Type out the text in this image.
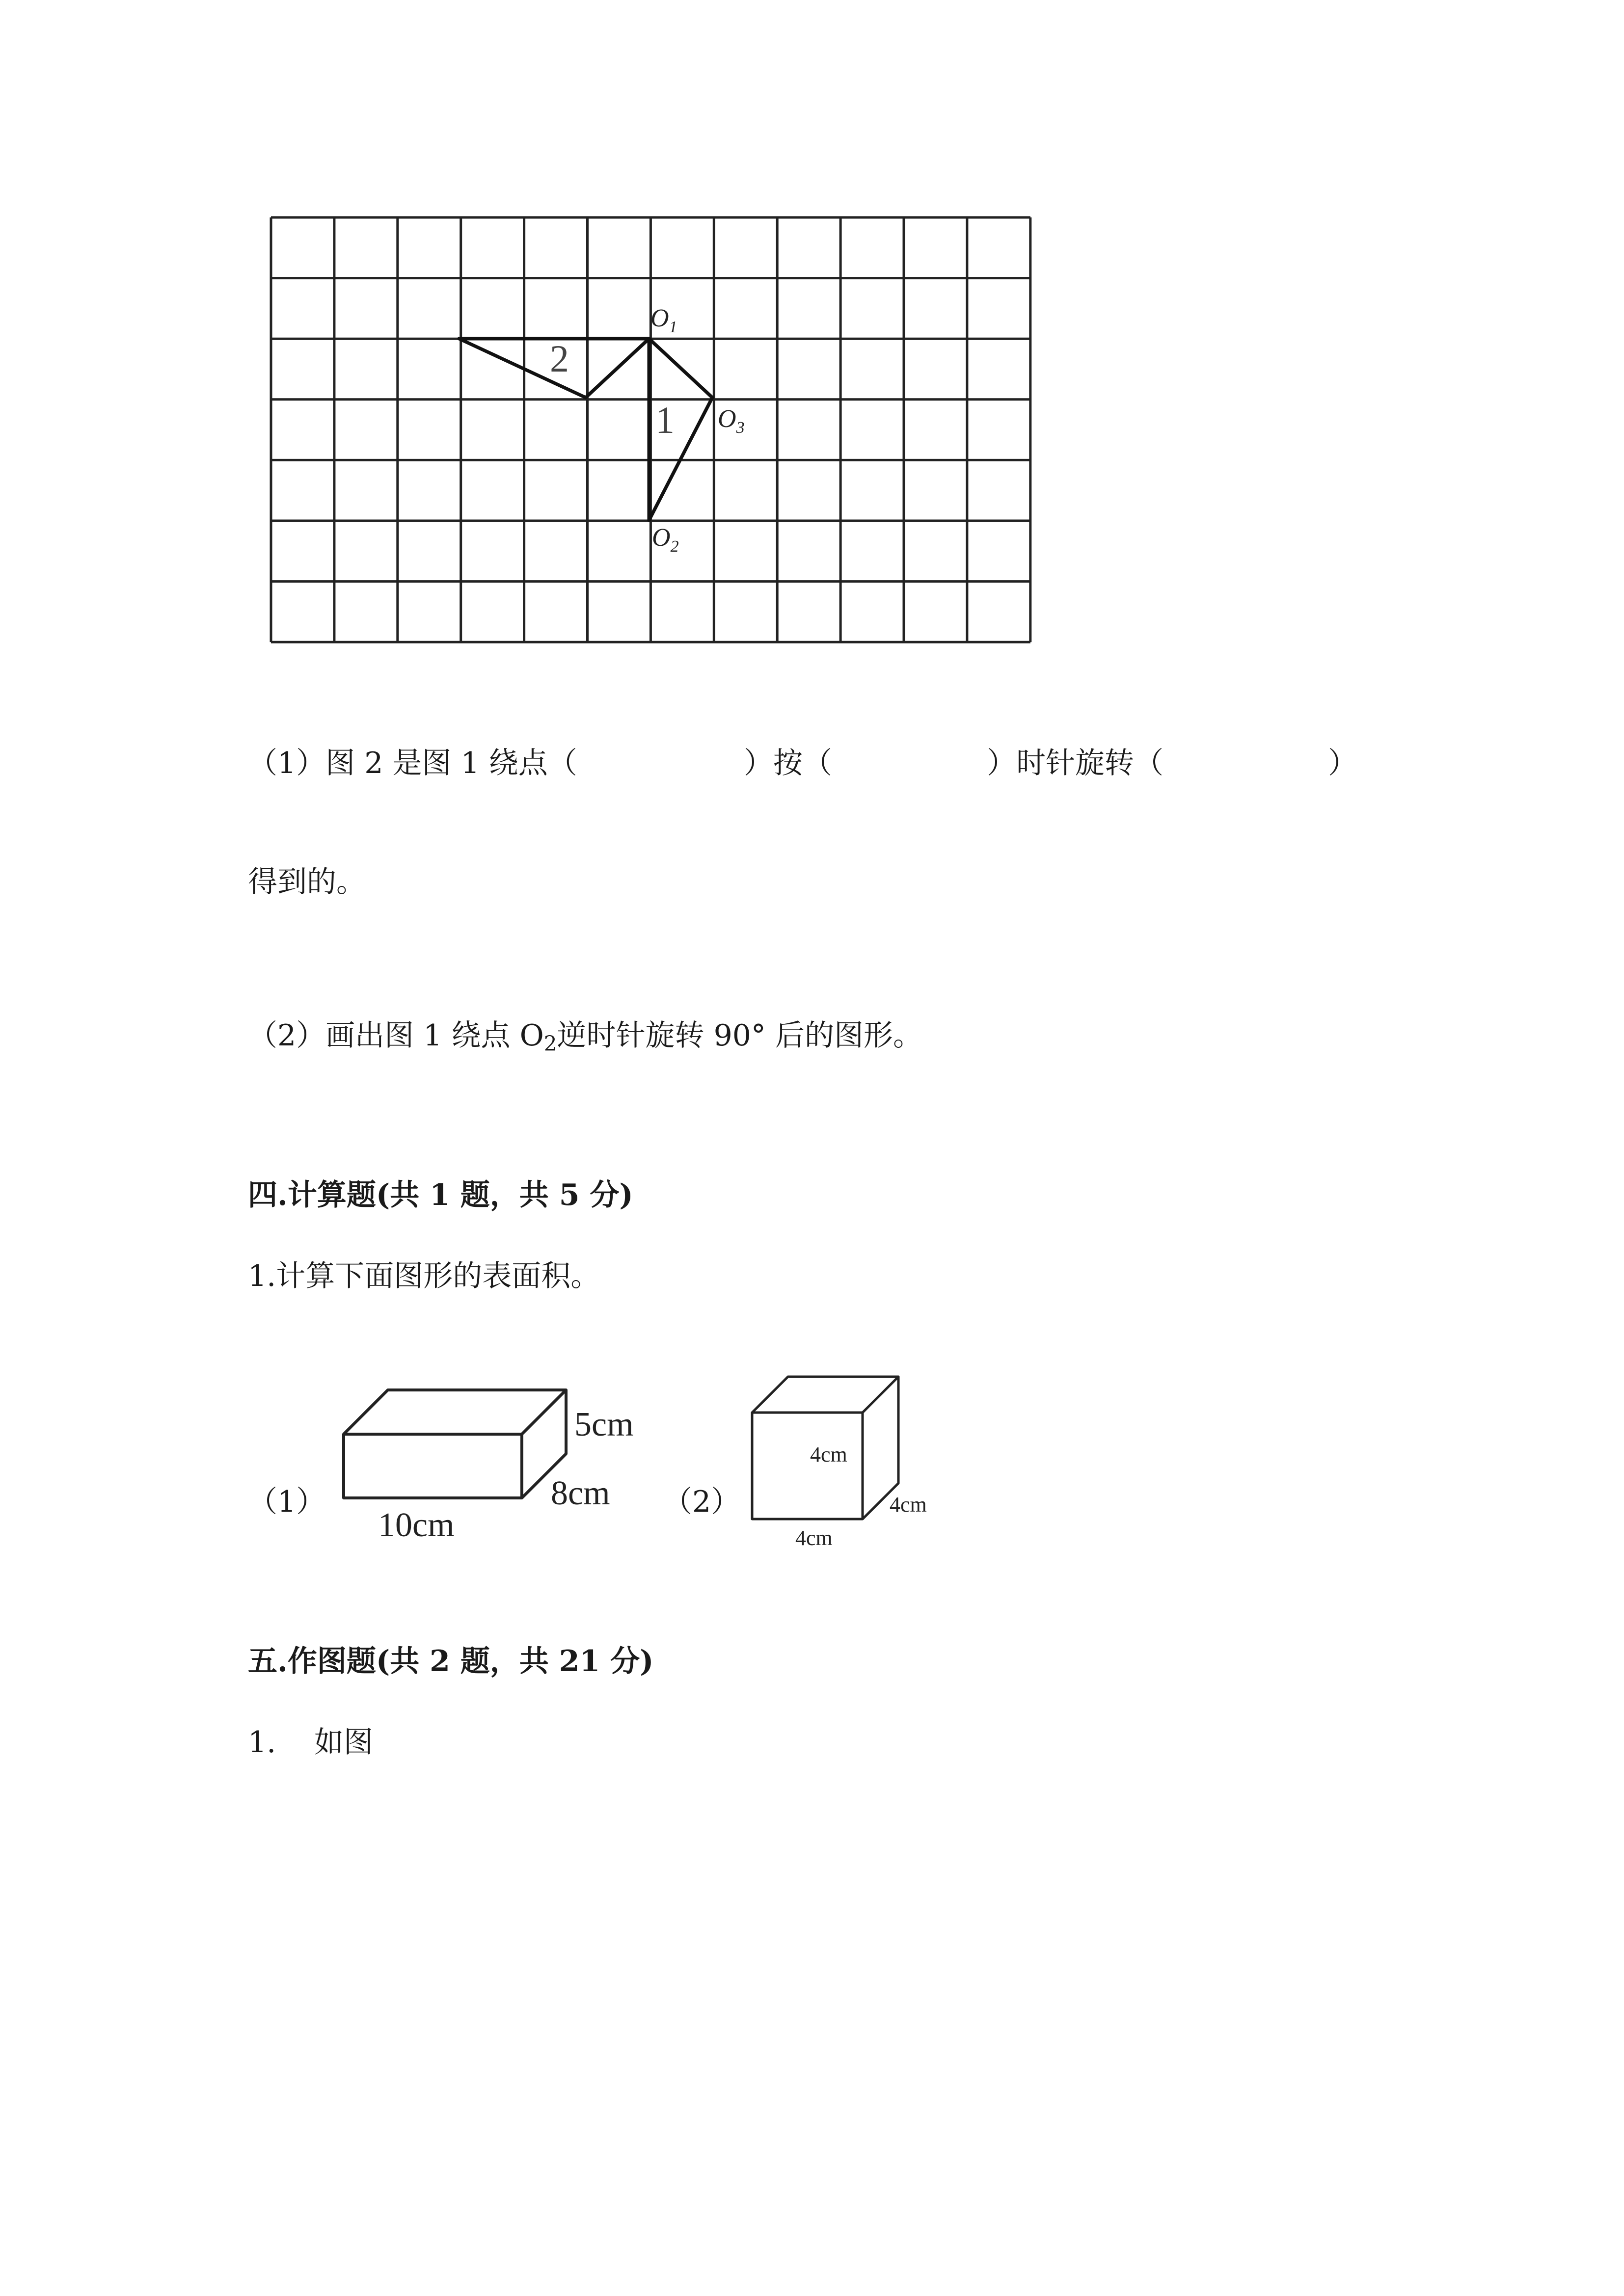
2
1
$O_1$
$O_3$
$O_2$
（1）图 2 是图 1 绕点（	）按（	）时针旋转（	）
得到的。
（2）画出图 1 绕点 $O_2$逆时针旋转 90° 后的图形。
四.计算题(共 1 题，共 5 分)
1.计算下面图形的表面积。
（1）
5cm
8cm
10cm
（2）
4cm
4cm
4cm
五.作图题(共 2 题，共 21 分)
1. 如图
